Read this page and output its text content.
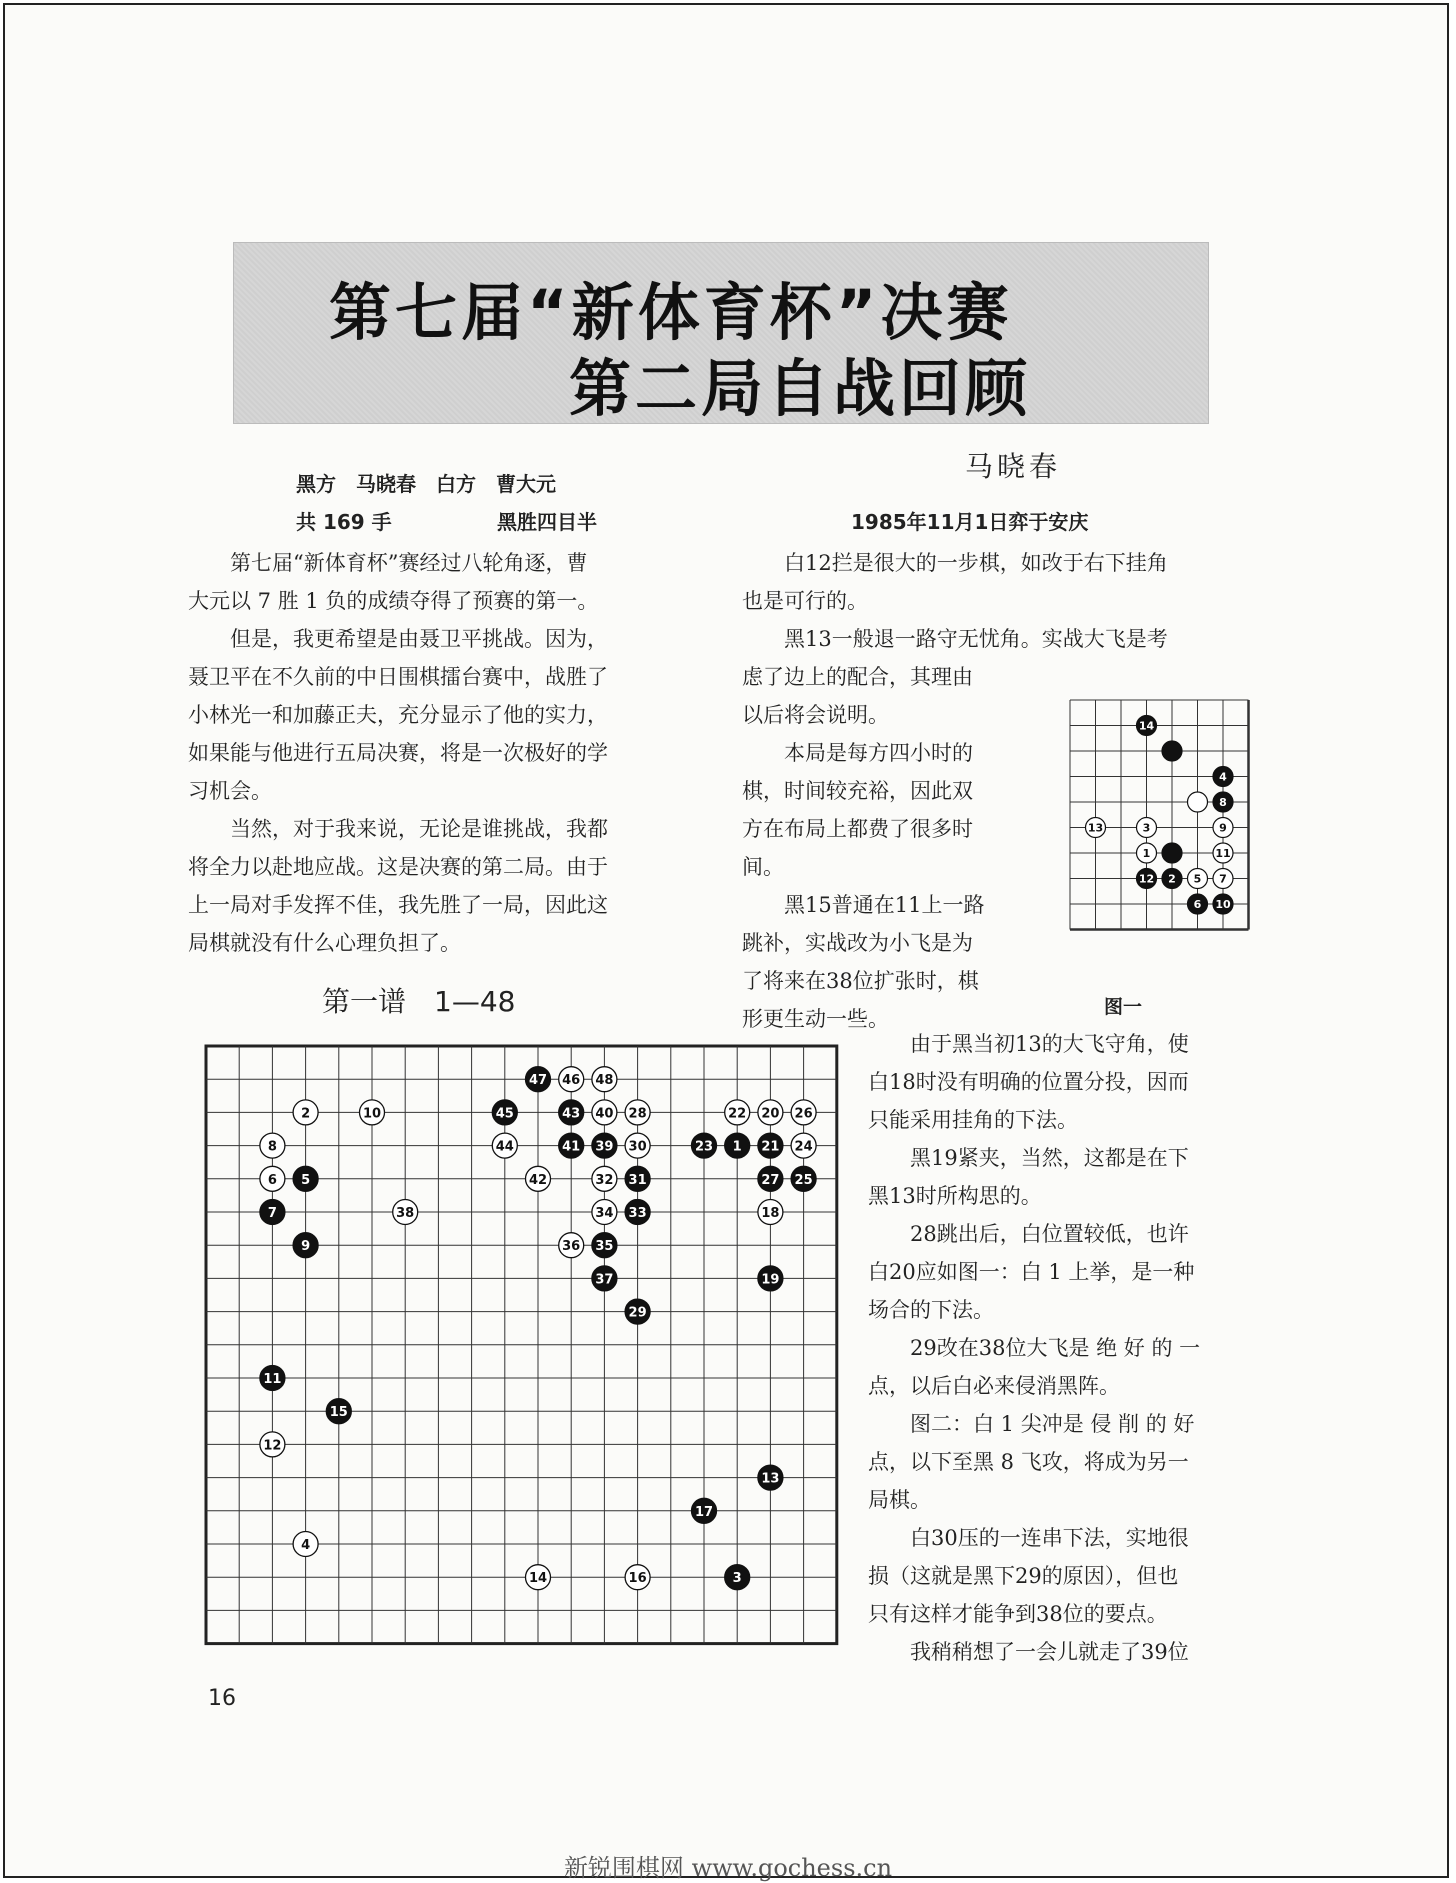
第七届“新体育杯”决赛
第二局自战回顾
马晓春
黑方　马晓春　白方　曹大元
共 169 手	黑胜四目半	1985年11月1日弈于安庆
　　第七届“新体育杯”赛经过八轮角逐，曹
大元以 7 胜 1 负的成绩夺得了预赛的第一。
　　但是，我更希望是由聂卫平挑战。因为，
聂卫平在不久前的中日围棋擂台赛中，战胜了
小林光一和加藤正夫，充分显示了他的实力，
如果能与他进行五局决赛，将是一次极好的学
习机会。
　　当然，对于我来说，无论是谁挑战，我都
将全力以赴地应战。这是决赛的第二局。由于
上一局对手发挥不佳，我先胜了一局，因此这
局棋就没有什么心理负担了。
　　白12拦是很大的一步棋，如改于右下挂角
也是可行的。
　　黑13一般退一路守无忧角。实战大飞是考
虑了边上的配合，其理由
以后将会说明。
　　本局是每方四小时的
棋，时间较充裕，因此双
方在布局上都费了很多时
间。
　　黑15普通在11上一路
跳补，实战改为小飞是为
了将来在38位扩张时，棋
形更生动一些。
　　由于黑当初13的大飞守角，使
白18时没有明确的位置分投，因而
只能采用挂角的下法。
　　黑19紧夹，当然，这都是在下
黑13时所构思的。
　　28跳出后，白位置较低，也许
白20应如图一：白 1 上挙，是一种
场合的下法。
　　29改在38位大飞是 绝 好 的 一
点，以后白必来侵消黑阵。
　　图二：白 1 尖冲是 侵 削 的 好
点，以下至黑 8 飞攻，将成为另一
局棋。
　　白30压的一连串下法，实地很
损（这就是黑下29的原因），但也
只有这样才能争到38位的要点。
　　我稍稍想了一会儿就走了39位
1
3
2 5
10
7
6
9
12
13
4
8
14
11
图一
第一谱　1—48
3
4
5
6
7
8
9
10
11
12
13
14
15
16
17
18
19
20
21
22
23	24
25
26
27
28
29
30
31
32
33
34
35
36
37
38
39
40
41
42
43
44
45
46
47	48
1
2
16
新锐围棋网 www.gochess.cn
